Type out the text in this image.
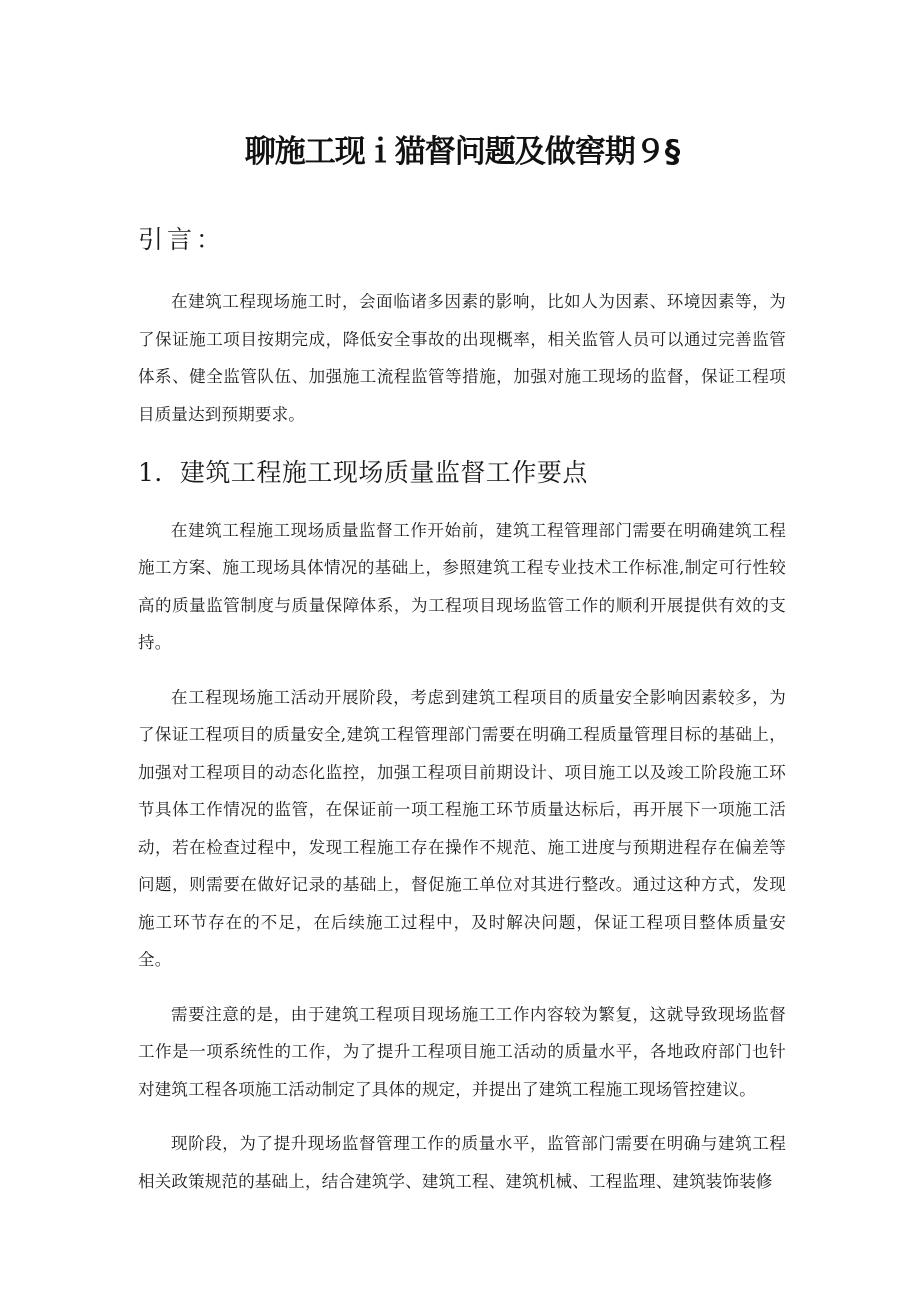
聊施工现ｉ猫督问题及做窖期９§
引言：

在建筑工程现场施工时，会面临诸多因素的影响，比如人为因素、环境因素等，为了保证施工项目按期完成，降低安全事故的出现概率，相关监管人员可以通过完善监管体系、健全监管队伍、加强施工流程监管等措施，加强对施工现场的监督，保证工程项目质量达到预期要求。

1．建筑工程施工现场质量监督工作要点

在建筑工程施工现场质量监督工作开始前，建筑工程管理部门需要在明确建筑工程施工方案、施工现场具体情况的基础上，参照建筑工程专业技术工作标准,制定可行性较高的质量监管制度与质量保障体系，为工程项目现场监管工作的顺利开展提供有效的支持。

在工程现场施工活动开展阶段，考虑到建筑工程项目的质量安全影响因素较多，为了保证工程项目的质量安全,建筑工程管理部门需要在明确工程质量管理目标的基础上，加强对工程项目的动态化监控，加强工程项目前期设计、项目施工以及竣工阶段施工环节具体工作情况的监管，在保证前一项工程施工环节质量达标后，再开展下一项施工活动，若在检查过程中，发现工程施工存在操作不规范、施工进度与预期进程存在偏差等问题，则需要在做好记录的基础上，督促施工单位对其进行整改。通过这种方式，发现施工环节存在的不足，在后续施工过程中，及时解决问题，保证工程项目整体质量安全。

需要注意的是，由于建筑工程项目现场施工工作内容较为繁复，这就导致现场监督工作是一项系统性的工作，为了提升工程项目施工活动的质量水平，各地政府部门也针对建筑工程各项施工活动制定了具体的规定，并提出了建筑工程施工现场管控建议。

现阶段，为了提升现场监督管理工作的质量水平，监管部门需要在明确与建筑工程相关政策规范的基础上，结合建筑学、建筑工程、建筑机械、工程监理、建筑装饰装修
